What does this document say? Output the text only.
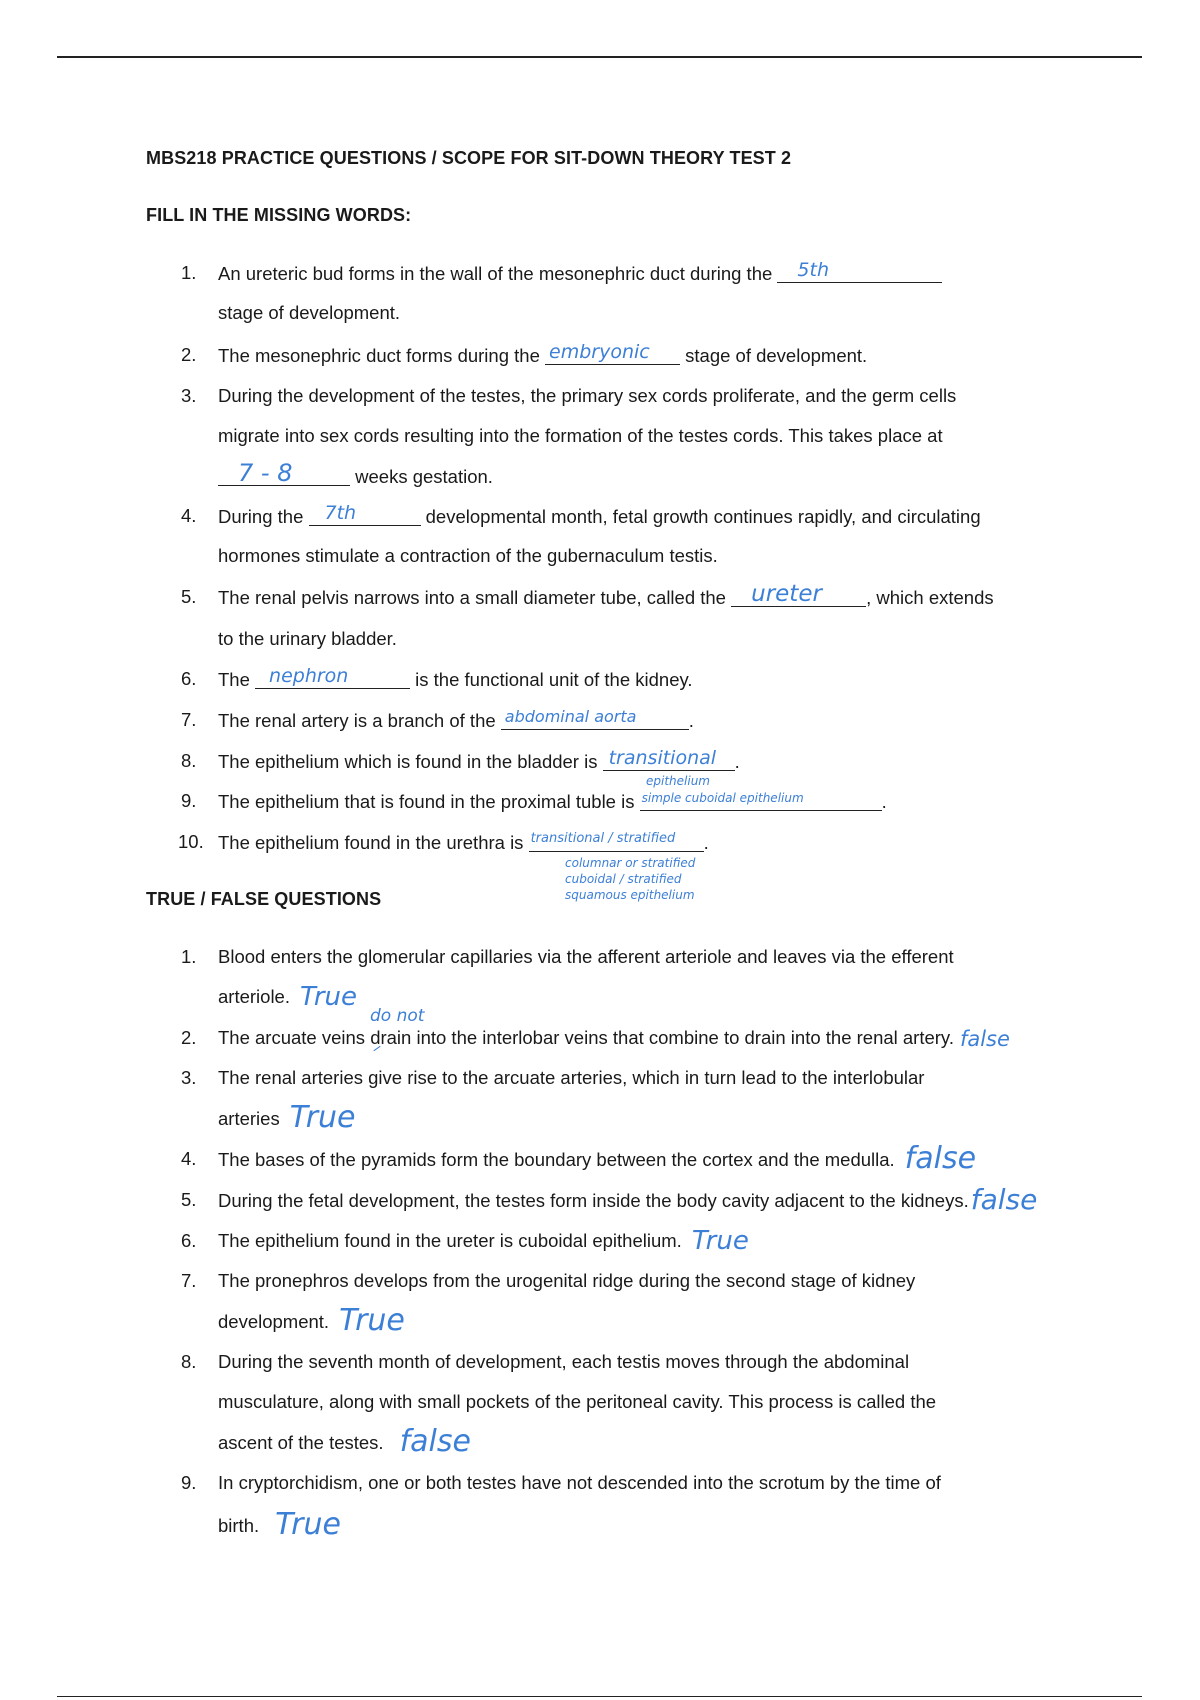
MBS218 PRACTICE QUESTIONS / SCOPE FOR SIT-DOWN THEORY TEST 2
FILL IN THE MISSING WORDS:
1. An ureteric bud forms in the wall of the mesonephric duct during the 5th
stage of development.
2. The mesonephric duct forms during the embryonic stage of development.
3. During the development of the testes, the primary sex cords proliferate, and the germ cells
migrate into sex cords resulting into the formation of the testes cords. This takes place at
7 - 8	weeks gestation.
4. During the 7th	developmental month, fetal growth continues rapidly, and circulating
hormones stimulate a contraction of the gubernaculum testis.
5. The renal pelvis narrows into a small diameter tube, called the ureter , which extends
to the urinary bladder.
6. The nephron	is the functional unit of the kidney.
7. The renal artery is a branch of the abdominal aorta	.
8. The epithelium which is found in the bladder is transitional .
epithelium
9. The epithelium that is found in the proximal tuble is simple cuboidal epithelium	.
10. The epithelium found in the urethra is transitional / stratified .
columnar or stratified
cuboidal / stratified
squamous epithelium
TRUE / FALSE QUESTIONS
1. Blood enters the glomerular capillaries via the afferent arteriole and leaves via the efferent
arteriole. True
do not
2. The arcuate veins drain into the interlobar veins that combine to drain into the renal artery. false
3. The renal arteries give rise to the arcuate arteries, which in turn lead to the interlobular
arteries True
4. The bases of the pyramids form the boundary between the cortex and the medulla. false
5. During the fetal development, the testes form inside the body cavity adjacent to the kidneys.false
6. The epithelium found in the ureter is cuboidal epithelium. True
7. The pronephros develops from the urogenital ridge during the second stage of kidney
development. True
8. During the seventh month of development, each testis moves through the abdominal
musculature, along with small pockets of the peritoneal cavity. This process is called the
ascent of the testes. false
9. In cryptorchidism, one or both testes have not descended into the scrotum by the time of
birth. True
